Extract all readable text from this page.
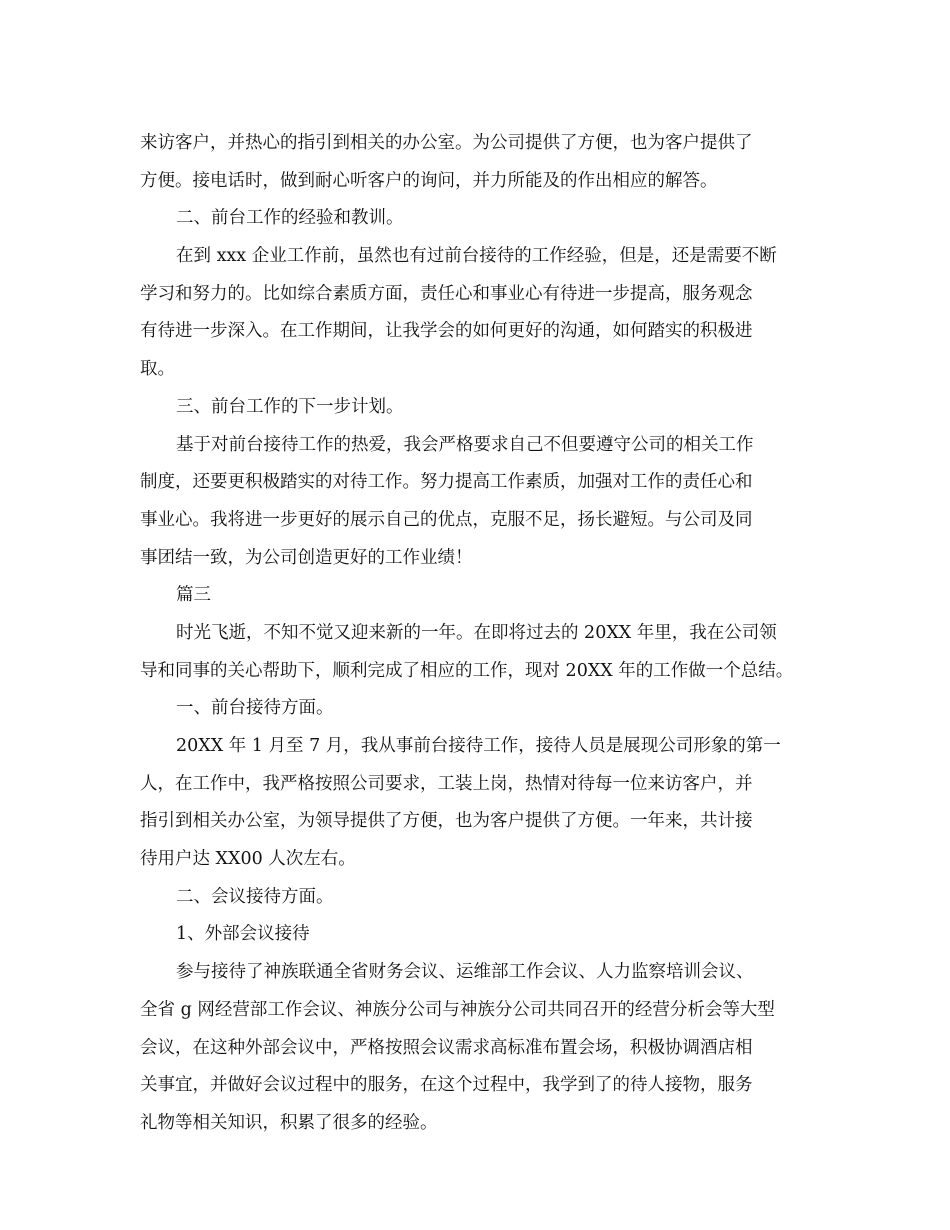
来访客户，并热心的指引到相关的办公室。为公司提供了方便，也为客户提供了
方便。接电话时，做到耐心听客户的询问，并力所能及的作出相应的解答。
二、前台工作的经验和教训。
在到 xxx 企业工作前，虽然也有过前台接待的工作经验，但是，还是需要不断
学习和努力的。比如综合素质方面，责任心和事业心有待进一步提高，服务观念
有待进一步深入。在工作期间，让我学会的如何更好的沟通，如何踏实的积极进
取。
三、前台工作的下一步计划。
基于对前台接待工作的热爱，我会严格要求自己不但要遵守公司的相关工作
制度，还要更积极踏实的对待工作。努力提高工作素质，加强对工作的责任心和
事业心。我将进一步更好的展示自己的优点，克服不足，扬长避短。与公司及同
事团结一致，为公司创造更好的工作业绩！
篇三
时光飞逝，不知不觉又迎来新的一年。在即将过去的 20XX 年里，我在公司领
导和同事的关心帮助下，顺利完成了相应的工作，现对 20XX 年的工作做一个总结。
一、前台接待方面。
20XX 年 1 月至 7 月，我从事前台接待工作，接待人员是展现公司形象的第一
人，在工作中，我严格按照公司要求，工装上岗，热情对待每一位来访客户，并
指引到相关办公室，为领导提供了方便，也为客户提供了方便。一年来，共计接
待用户达 XX00 人次左右。
二、会议接待方面。
1、外部会议接待
参与接待了神族联通全省财务会议、运维部工作会议、人力监察培训会议、
全省 g 网经营部工作会议、神族分公司与神族分公司共同召开的经营分析会等大型
会议，在这种外部会议中，严格按照会议需求高标准布置会场，积极协调酒店相
关事宜，并做好会议过程中的服务，在这个过程中，我学到了的待人接物，服务
礼物等相关知识，积累了很多的经验。
